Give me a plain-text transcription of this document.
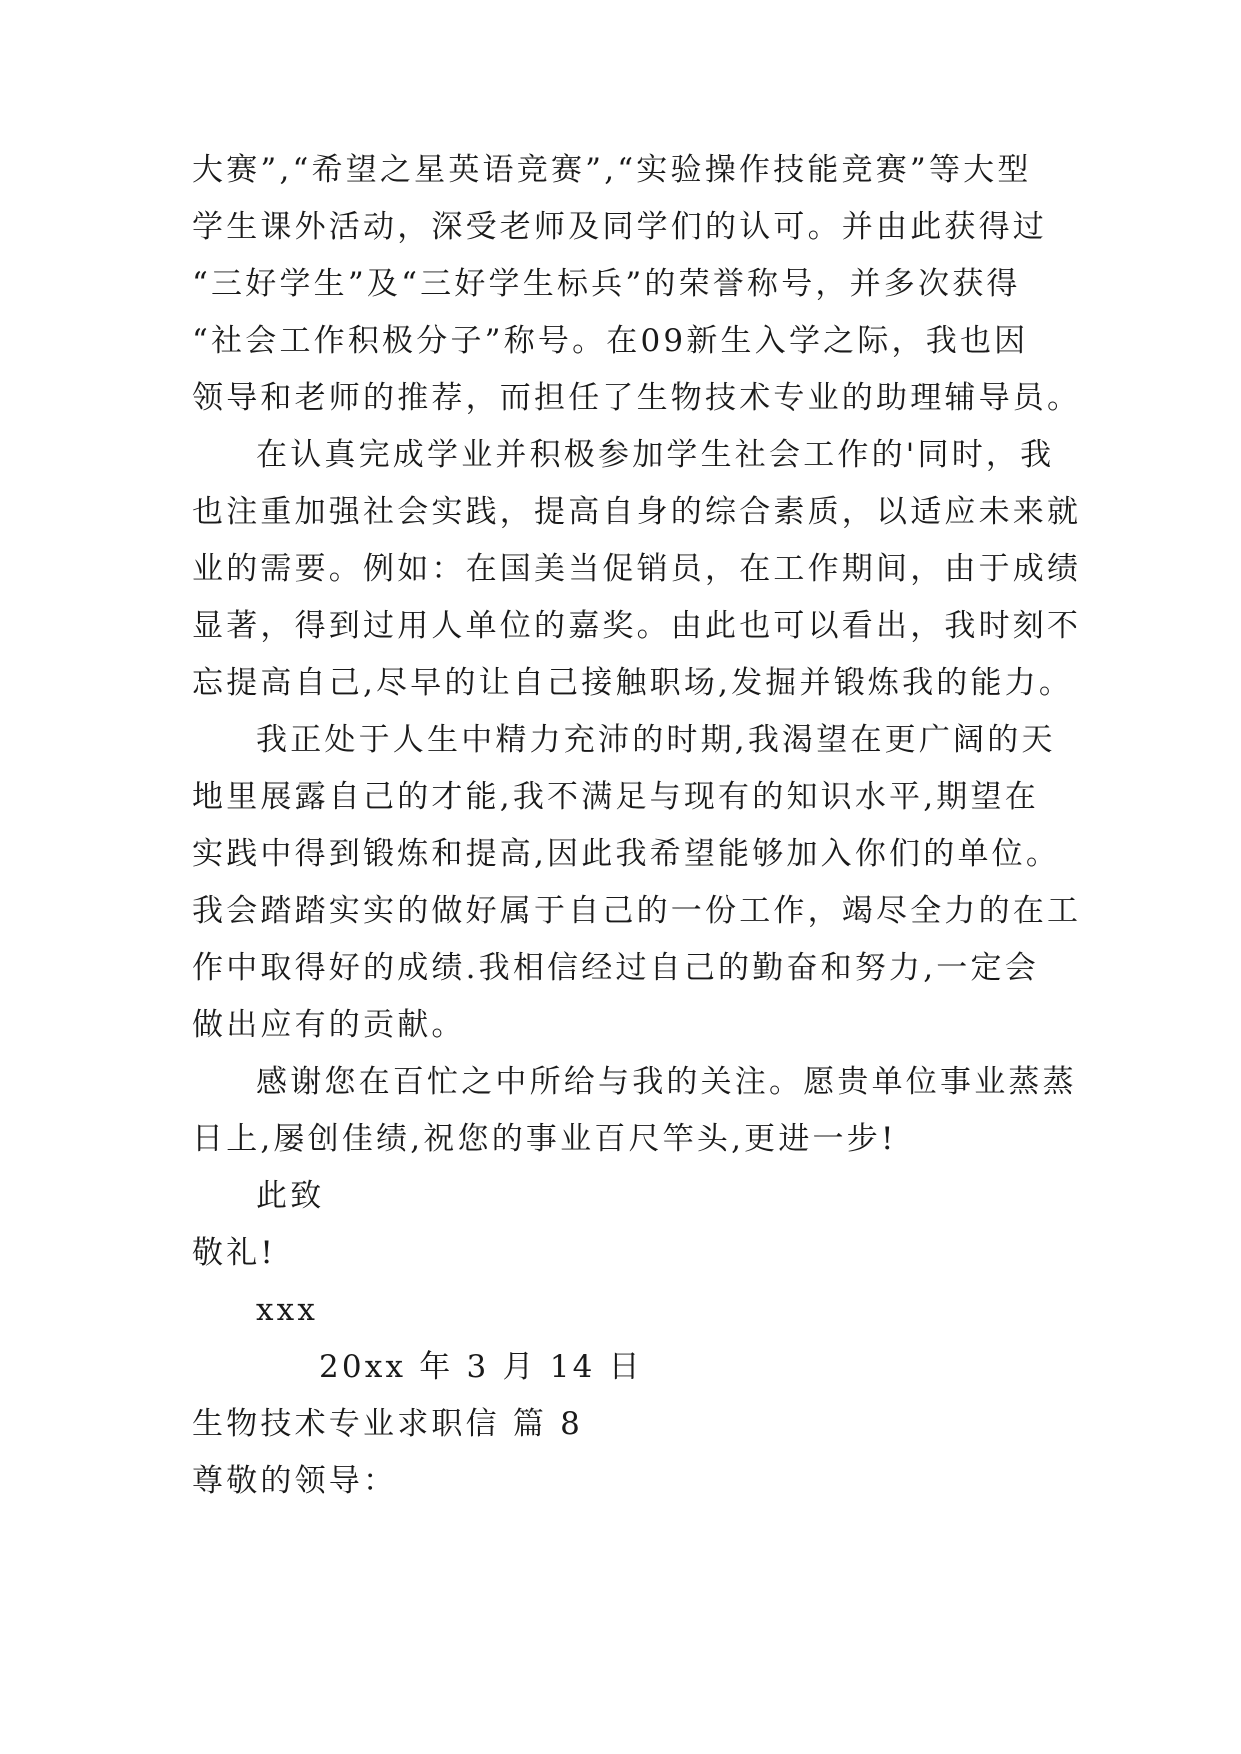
大赛”,“希望之星英语竞赛”,“实验操作技能竞赛”等大型
学生课外活动，深受老师及同学们的认可。并由此获得过
“三好学生”及“三好学生标兵”的荣誉称号，并多次获得
“社会工作积极分子”称号。在09新生入学之际，我也因
领导和老师的推荐，而担任了生物技术专业的助理辅导员。
在认真完成学业并积极参加学生社会工作的'同时，我
也注重加强社会实践，提高自身的综合素质，以适应未来就
业的需要。例如：在国美当促销员，在工作期间，由于成绩
显著，得到过用人单位的嘉奖。由此也可以看出，我时刻不
忘提高自己,尽早的让自己接触职场,发掘并锻炼我的能力。
我正处于人生中精力充沛的时期,我渴望在更广阔的天
地里展露自己的才能,我不满足与现有的知识水平,期望在
实践中得到锻炼和提高,因此我希望能够加入你们的单位。
我会踏踏实实的做好属于自己的一份工作，竭尽全力的在工
作中取得好的成绩.我相信经过自己的勤奋和努力,一定会
做出应有的贡献。
感谢您在百忙之中所给与我的关注。愿贵单位事业蒸蒸
日上,屡创佳绩,祝您的事业百尺竿头,更进一步!
此致
敬礼!
xxx
20xx 年 3 月 14 日
生物技术专业求职信 篇 8
尊敬的领导：
